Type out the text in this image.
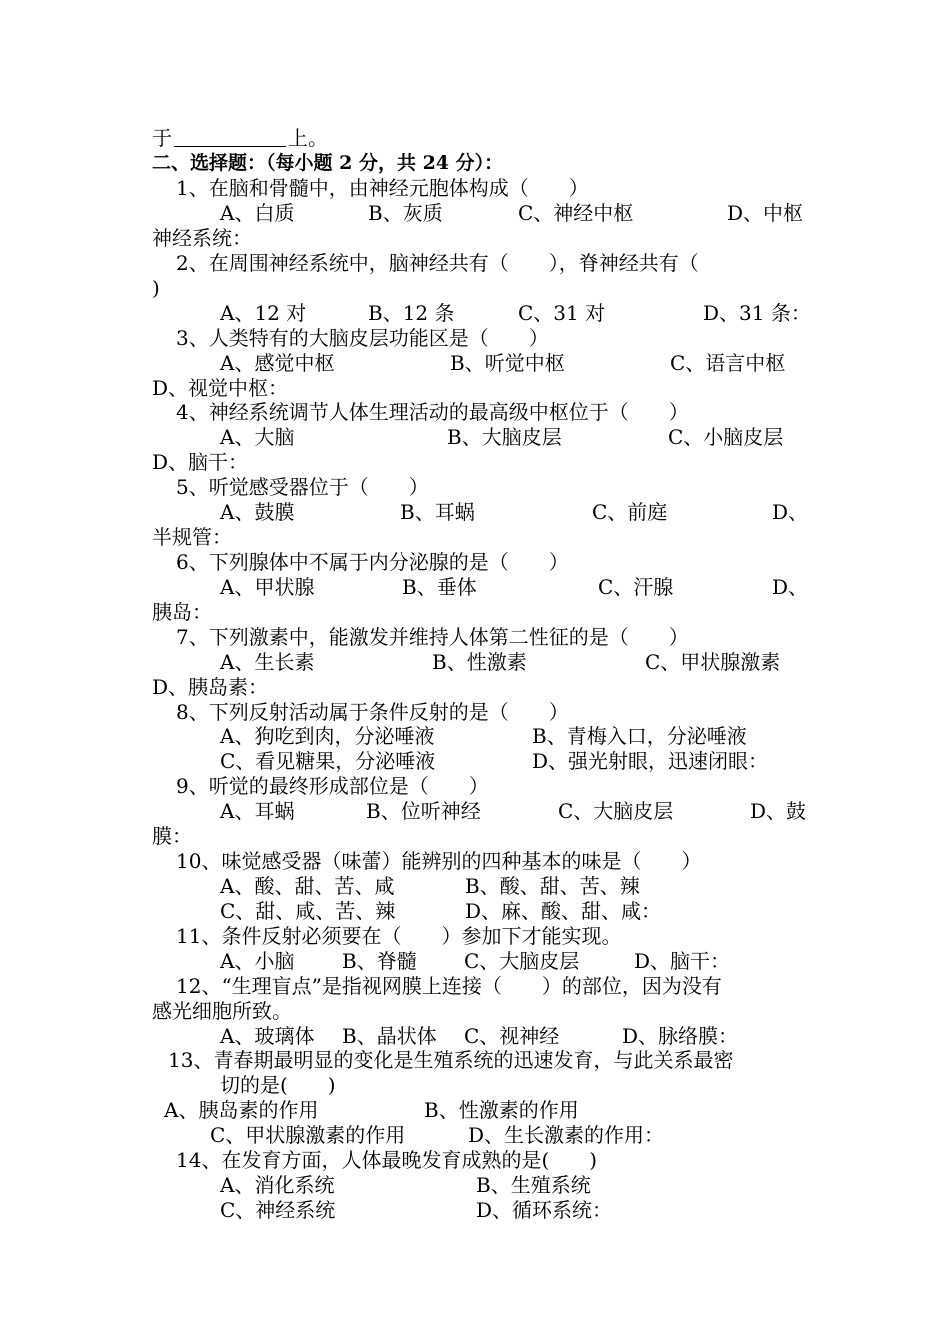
于

	上。

二、选择题：（每小题 2 分，共 24 分）：

1、在脑和骨髓中，由神经元胞体构成（　　）

A、白质

	B、灰质

	C、神经中枢

	D、中枢

神经系统：

2、在周围神经系统中，脑神经共有（　　），脊神经共有（

)

A、12 对

	B、12 条

	C、31 对

	D、31 条：

3、人类特有的大脑皮层功能区是（　　）

A、感觉中枢

	B、听觉中枢

	C、语言中枢

D、视觉中枢：

4、神经系统调节人体生理活动的最高级中枢位于（　　）

A、大脑

	B、大脑皮层

	C、小脑皮层

D、脑干：

5、听觉感受器位于（　　）

A、鼓膜

	B、耳蜗

	C、前庭

	D、

半规管：

6、下列腺体中不属于内分泌腺的是（　　）

A、甲状腺

	B、垂体

	C、汗腺

	D、

胰岛：

7、下列激素中，能激发并维持人体第二性征的是（　　）

A、生长素

	B、性激素

	C、甲状腺激素

D、胰岛素：

8、下列反射活动属于条件反射的是（　　）

A、狗吃到肉，分泌唾液

	B、青梅入口，分泌唾液

C、看见糖果，分泌唾液

	D、强光射眼，迅速闭眼：

9、听觉的最终形成部位是（　　）

A、耳蜗

	B、位听神经

	C、大脑皮层

	D、鼓

膜：

10、味觉感受器（味蕾）能辨别的四种基本的味是（　　）

A、酸、甜、苦、咸

	B、酸、甜、苦、辣

C、甜、咸、苦、辣

	D、麻、酸、甜、咸：

11、条件反射必须要在（　　）参加下才能实现。

A、小脑

B、脊髓

C、大脑皮层

	D、脑干：

12、“生理盲点”是指视网膜上连接（　　）的部位，因为没有

感光细胞所致。

A、玻璃体

B、晶状体

C、视神经

	D、脉络膜：

13、青春期最明显的变化是生殖系统的迅速发育，与此关系最密

切的是(　　)

A、胰岛素的作用

	B、性激素的作用

C、甲状腺激素的作用

	D、生长激素的作用：

14、在发育方面，人体最晚发育成熟的是(　　)

A、消化系统

	B、生殖系统

C、神经系统

	D、循环系统：
